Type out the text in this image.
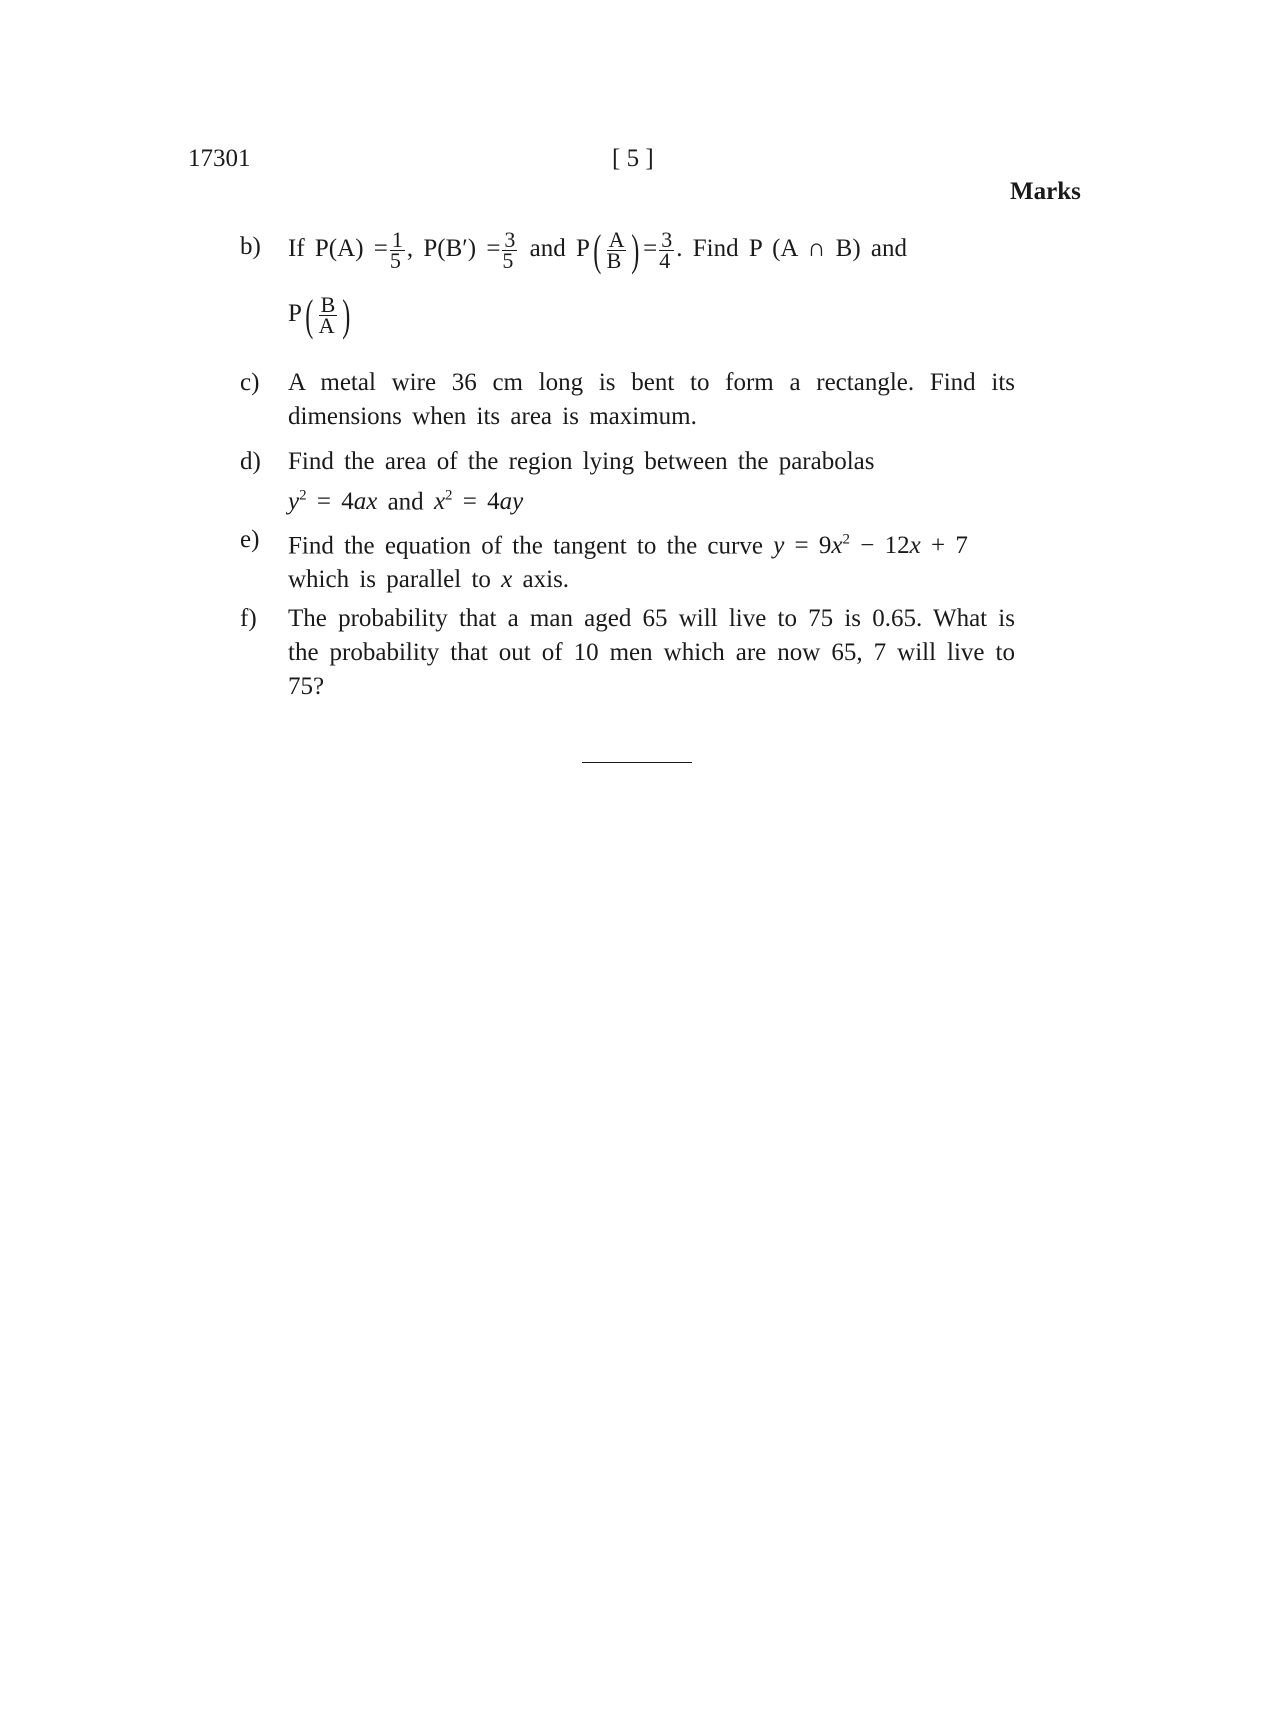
17301	[ 5 ]
Marks
b) If $P(A) = \frac{1}{5}$ , $P(B') = \frac{3}{5}$ and $P( \frac{A}{B}$ ) = $\frac{3}{4}$ . Find P (A ∩ B) and
$P( \frac{B}{A}$ )
c) A metal wire 36 cm long is bent to form a rectangle. Find its dimensions when its area is maximum.
d) Find the area of the region lying between the parabolas
$y^2 = 4ax$ and $x^2 = 4ay$
e) Find the equation of the tangent to the curve $y = 9x^2 - 12x + 7$
which is parallel to x axis.
f) The probability that a man aged 65 will live to 75 is 0.65. What is the probability that out of 10 men which are now 65, 7 will live to 75?
